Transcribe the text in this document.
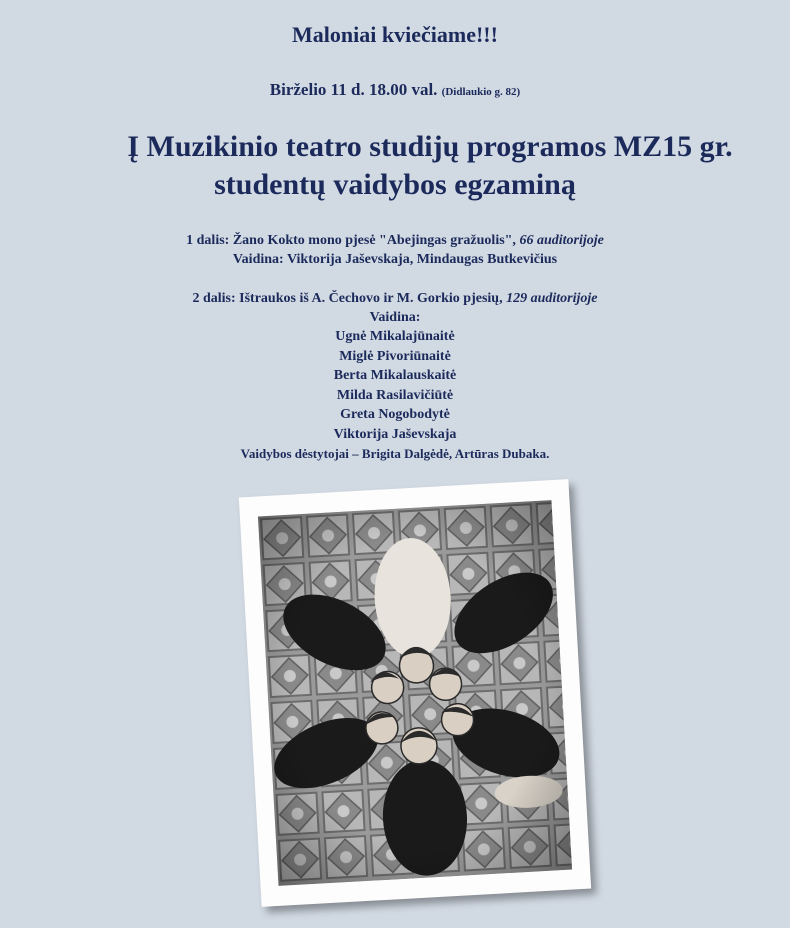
Maloniai kviečiame!!!
Birželio 11 d. 18.00 val. (Didlaukio g. 82)
Į Muzikinio teatro studijų programos MZ15 gr.
studentų vaidybos egzaminą
1 dalis: Žano Kokto mono pjesė "Abejingas gražuolis", 66 auditorijoje
Vaidina: Viktorija Jaševskaja, Mindaugas Butkevičius
2 dalis: Ištraukos iš A. Čechovo ir M. Gorkio pjesių, 129 auditorijoje
Vaidina:
Ugnė Mikalajūnaitė
Miglė Pivoriūnaitė
Berta Mikalauskaitė
Milda Rasilavičiūtė
Greta Nogobodytė
Viktorija Jaševskaja
Vaidybos dėstytojai – Brigita Dalgėdė, Artūras Dubaka.
